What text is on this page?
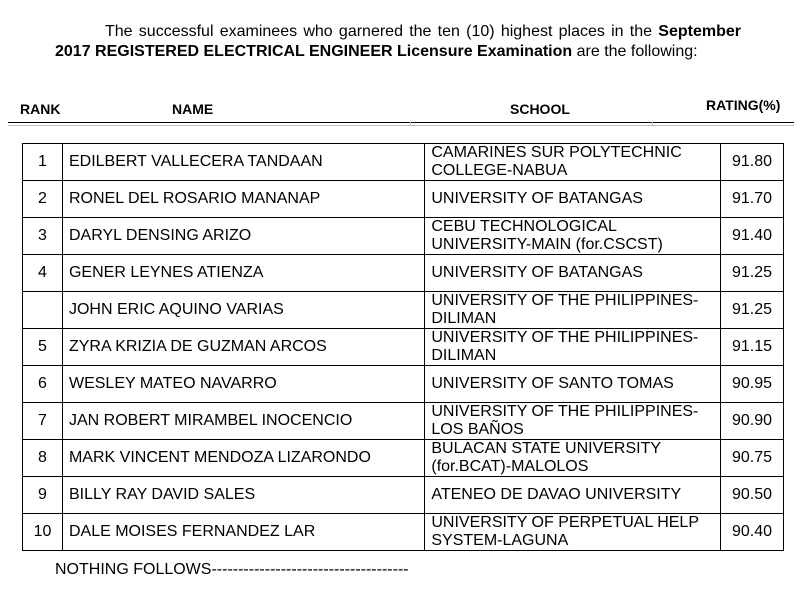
The successful examinees who garnered the ten (10) highest places in the September 2017 REGISTERED ELECTRICAL ENGINEER Licensure Examination are the following:
RANK	NAME	SCHOOL	RATING(%)
1	EDILBERT VALLECERA TANDAAN	CAMARINES SUR POLYTECHNIC COLLEGE-NABUA	91.80
2	RONEL DEL ROSARIO MANANAP	UNIVERSITY OF BATANGAS	91.70
3	DARYL DENSING ARIZO	CEBU TECHNOLOGICAL UNIVERSITY-MAIN (for.CSCST)	91.40
4	GENER LEYNES ATIENZA	UNIVERSITY OF BATANGAS	91.25
	JOHN ERIC AQUINO VARIAS	UNIVERSITY OF THE PHILIPPINES-DILIMAN	91.25
5	ZYRA KRIZIA DE GUZMAN ARCOS	UNIVERSITY OF THE PHILIPPINES-DILIMAN	91.15
6	WESLEY MATEO NAVARRO	UNIVERSITY OF SANTO TOMAS	90.95
7	JAN ROBERT MIRAMBEL INOCENCIO	UNIVERSITY OF THE PHILIPPINES-LOS BAÑOS	90.90
8	MARK VINCENT MENDOZA LIZARONDO	BULACAN STATE UNIVERSITY (for.BCAT)-MALOLOS	90.75
9	BILLY RAY DAVID SALES	ATENEO DE DAVAO UNIVERSITY	90.50
10	DALE MOISES FERNANDEZ LAR	UNIVERSITY OF PERPETUAL HELP SYSTEM-LAGUNA	90.40
NOTHING FOLLOWS-------------------------------------
